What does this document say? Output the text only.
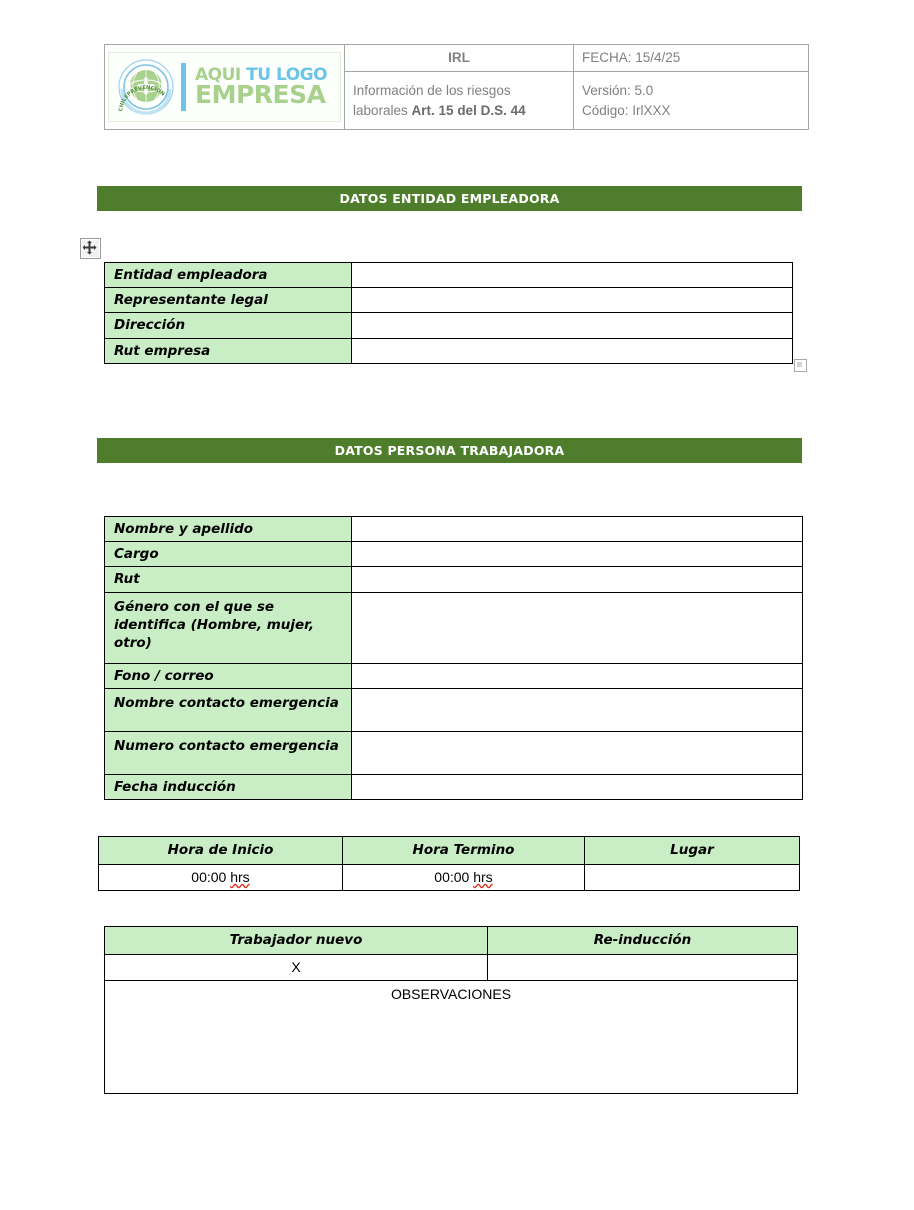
CHILEPREVENCION
AQUI TU LOGO
EMPRESA	IRL	FECHA: 15/4/25
	Información de los riesgos laborales Art. 15 del D.S. 44	Versión: 5.0
Código: IrlXXX
DATOS ENTIDAD EMPLEADORA
Entidad empleadora	
Representante legal	
Dirección	
Rut empresa	
DATOS PERSONA TRABAJADORA
Nombre y apellido	
Cargo	
Rut	
Género con el que se identifica (Hombre, mujer, otro)	
Fono / correo	
Nombre contacto emergencia	
Numero contacto emergencia	
Fecha inducción	
Hora de Inicio	Hora Termino	Lugar
00:00 hrs	00:00 hrs	
Trabajador nuevo	Re-inducción
X	

OBSERVACIONES	
